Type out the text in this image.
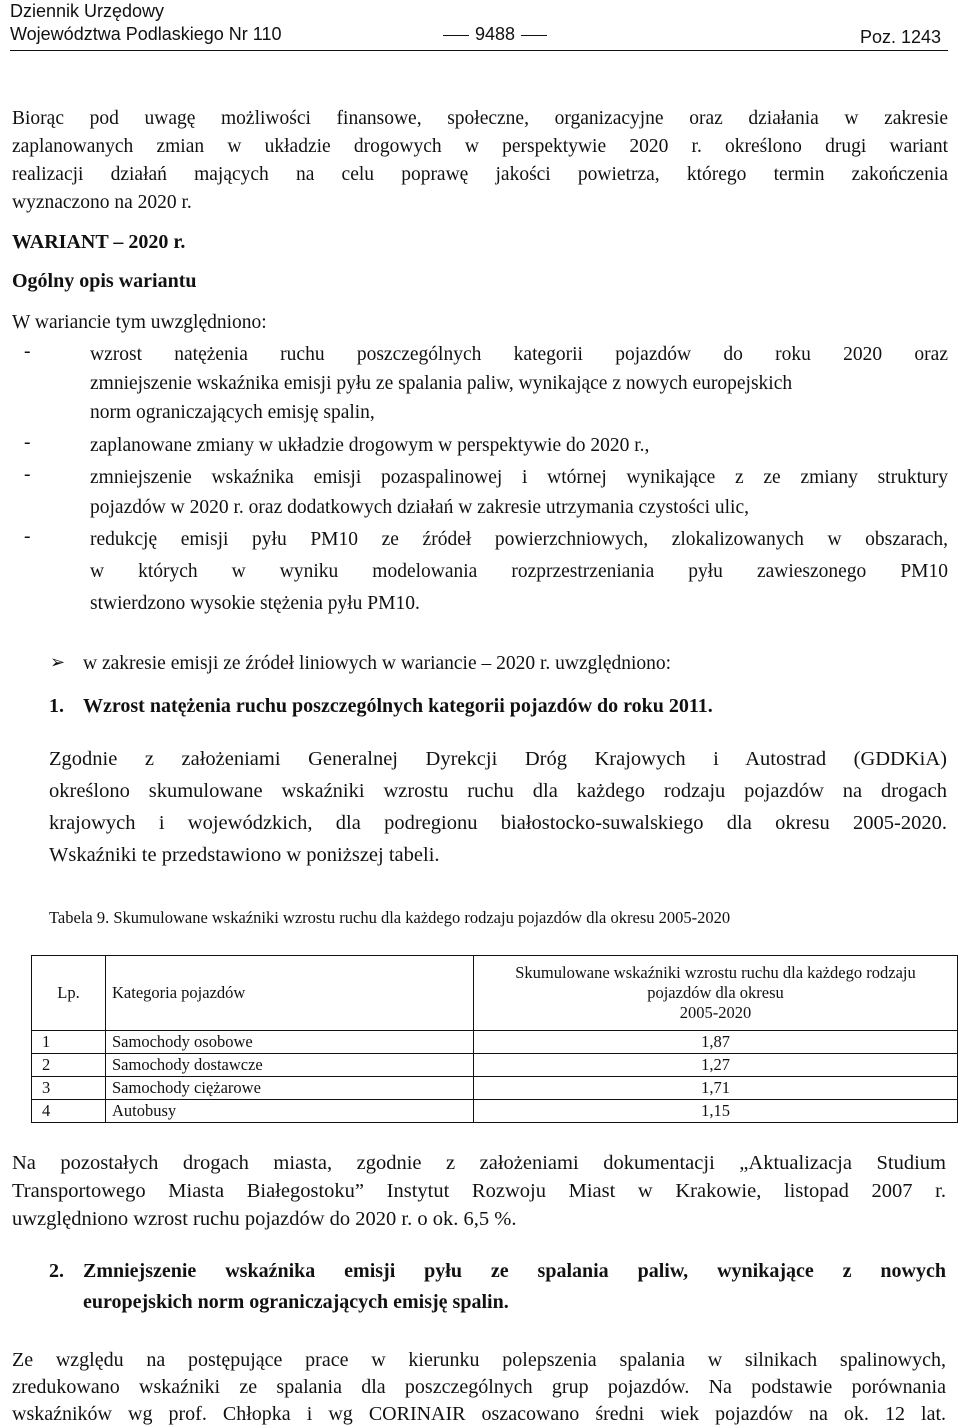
Dziennik Urzędowy
Województwa Podlaskiego Nr 110	9488	Poz. 1243
Biorąc pod uwagę możliwości finansowe, społeczne, organizacyjne oraz działania w zakresie
zaplanowanych zmian w układzie drogowych w perspektywie 2020 r. określono drugi wariant
realizacji działań mających na celu poprawę jakości powietrza, którego termin zakończenia
wyznaczono na 2020 r.
WARIANT – 2020 r.
Ogólny opis wariantu
W wariancie tym uwzględniono:
-	wzrost natężenia ruchu poszczególnych kategorii pojazdów do roku 2020 oraz
zmniejszenie wskaźnika emisji pyłu ze spalania paliw, wynikające z nowych europejskich
norm ograniczających emisję spalin,
-	zaplanowane zmiany w układzie drogowym w perspektywie do 2020 r.,
-	zmniejszenie wskaźnika emisji pozaspalinowej i wtórnej wynikające z ze zmiany struktury
pojazdów w 2020 r. oraz dodatkowych działań w zakresie utrzymania czystości ulic,
-	redukcję emisji pyłu PM10 ze źródeł powierzchniowych, zlokalizowanych w obszarach,
w których w wyniku modelowania rozprzestrzeniania pyłu zawieszonego PM10
stwierdzono wysokie stężenia pyłu PM10.
➢ w zakresie emisji ze źródeł liniowych w wariancie – 2020 r. uwzględniono:
1. Wzrost natężenia ruchu poszczególnych kategorii pojazdów do roku 2011.
Zgodnie z założeniami Generalnej Dyrekcji Dróg Krajowych i Autostrad (GDDKiA)
określono skumulowane wskaźniki wzrostu ruchu dla każdego rodzaju pojazdów na drogach
krajowych i wojewódzkich, dla podregionu białostocko-suwalskiego dla okresu 2005-2020.
Wskaźniki te przedstawiono w poniższej tabeli.
Tabela 9. Skumulowane wskaźniki wzrostu ruchu dla każdego rodzaju pojazdów dla okresu 2005-2020
Lp.	Kategoria pojazdów	Skumulowane wskaźniki wzrostu ruchu dla każdego rodzaju
pojazdów dla okresu
2005-2020

1	Samochody osobowe	1,87
2	Samochody dostawcze	1,27
3	Samochody ciężarowe	1,71
4	Autobusy	1,15
Na pozostałych drogach miasta, zgodnie z założeniami dokumentacji „Aktualizacja Studium
Transportowego Miasta Białegostoku” Instytut Rozwoju Miast w Krakowie, listopad 2007 r.
uwzględniono wzrost ruchu pojazdów do 2020 r. o ok. 6,5 %.
2. Zmniejszenie wskaźnika emisji pyłu ze spalania paliw, wynikające z nowych
europejskich norm ograniczających emisję spalin.
Ze względu na postępujące prace w kierunku polepszenia spalania w silnikach spalinowych,
zredukowano wskaźniki ze spalania dla poszczególnych grup pojazdów. Na podstawie porównania
wskaźników wg prof. Chłopka i wg CORINAIR oszacowano średni wiek pojazdów na ok. 12 lat.
